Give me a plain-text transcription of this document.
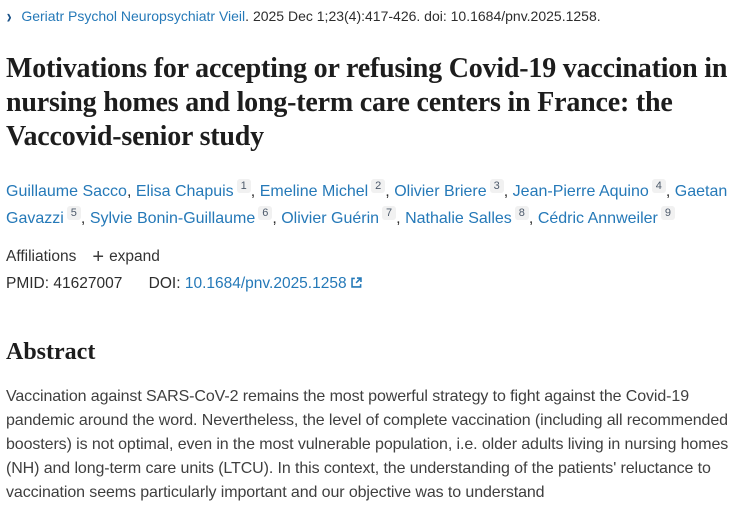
› Geriatr Psychol Neuropsychiatr Vieil. 2025 Dec 1;23(4):417-426. doi: 10.1684/pnv.2025.1258.
Motivations for accepting or refusing Covid-19 vaccination in nursing homes and long-term care centers in France: the Vaccovid-senior study

Guillaume Sacco, Elisa Chapuis 1 , Emeline Michel 2 , Olivier Briere 3 , Jean-Pierre Aquino 4 , Gaetan Gavazzi 5 , Sylvie Bonin-Guillaume 6 , Olivier Guérin 7 , Nathalie Salles 8 , Cédric Annweiler 9

Affiliations + expand
PMID: 41627007 DOI: 10.1684/pnv.2025.1258
Abstract

Vaccination against SARS-CoV-2 remains the most powerful strategy to fight against the Covid-19 pandemic around the word. Nevertheless, the level of complete vaccination (including all recommended boosters) is not optimal, even in the most vulnerable population, i.e. older adults living in nursing homes (NH) and long-term care units (LTCU). In this context, the understanding of the patients' reluctance to vaccination seems particularly important and our objective was to understand
